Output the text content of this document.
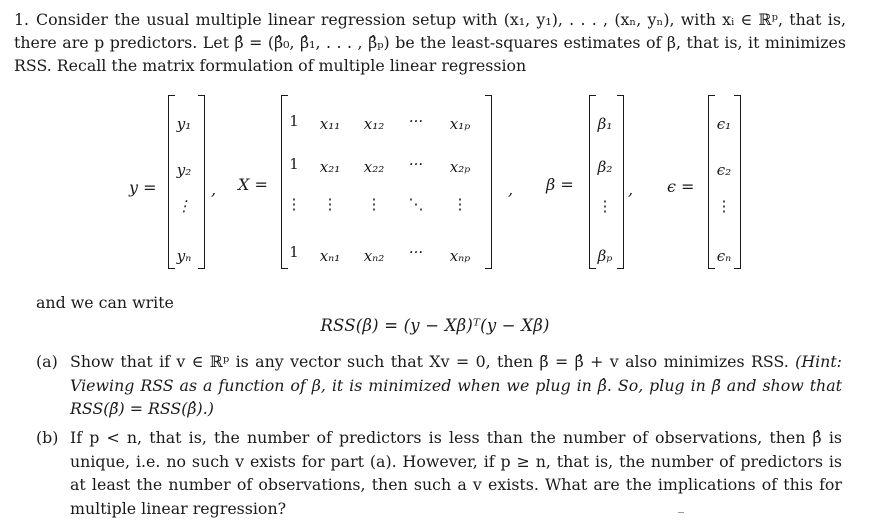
1. Consider the usual multiple linear regression setup with (x₁, y₁), . . . , (xₙ, yₙ), with xᵢ ∈ ℝᵖ, that is, there are p predictors. Let β̂ = (β̂₀, β̂₁, . . . , β̂ₚ) be the least-squares estimates of β, that is, it minimizes RSS. Recall the matrix formulation of multiple linear regression
y =
y₁
y₂
⋮
yₙ
, X =
1	x₁₁	x₁₂	···	x₁ₚ
1	x₂₁	x₂₂	···	x₂ₚ
⋮	⋮	⋮	⋱	⋮
1	xₙ₁	xₙ₂	···	xₙₚ
, β =
β₁
β₂
⋮
βₚ
, ϵ =
ϵ₁
ϵ₂
⋮
ϵₙ
and we can write
RSS(β) = (y − Xβ)ᵀ(y − Xβ)
(a) Show that if v ∈ ℝᵖ is any vector such that Xv = 0, then β̃ = β̂ + v also minimizes RSS. (Hint: Viewing RSS as a function of β, it is minimized when we plug in β̂. So, plug in β̃ and show that RSS(β̃) = RSS(β̂).)
(b) If p < n, that is, the number of predictors is less than the number of observations, then β̂ is unique, i.e. no such v exists for part (a). However, if p ≥ n, that is, the number of predictors is at least the number of observations, then such a v exists. What are the implications of this for multiple linear regression?
